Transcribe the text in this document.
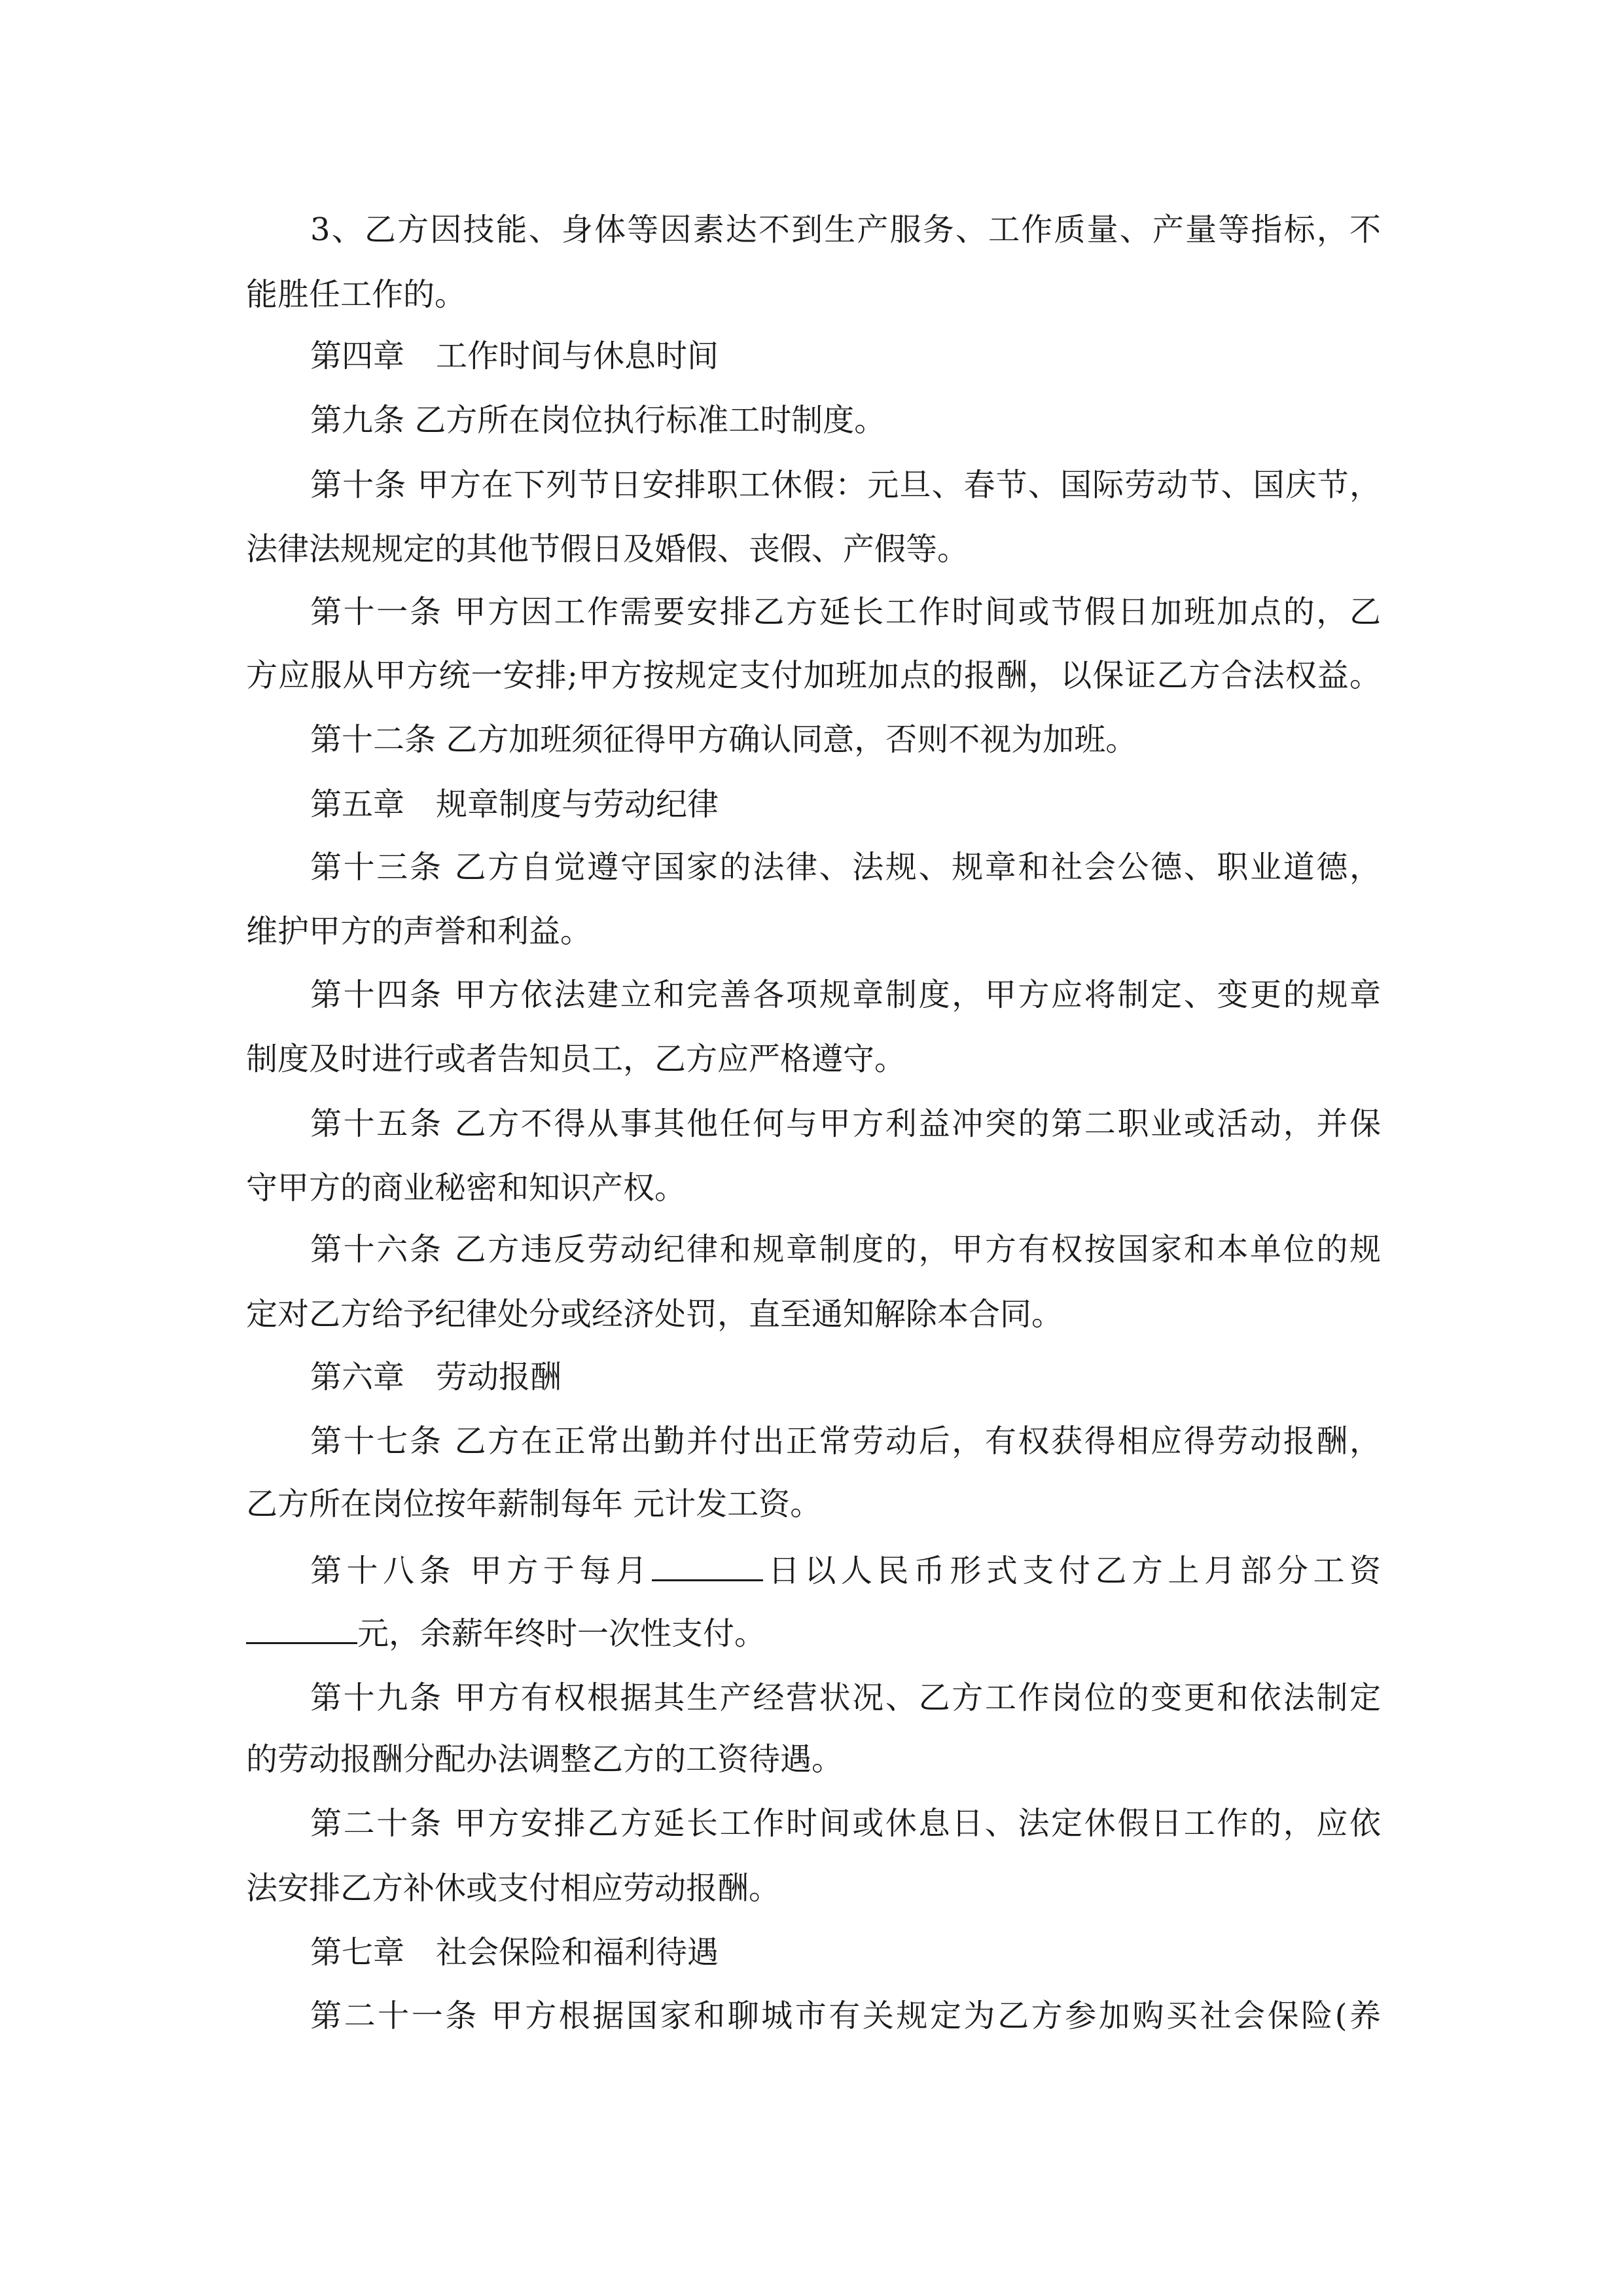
3、乙方因技能、身体等因素达不到生产服务、工作质量、产量等指标，不
能胜任工作的。
第四章　工作时间与休息时间
第九条 乙方所在岗位执行标准工时制度。
第十条 甲方在下列节日安排职工休假：元旦、春节、国际劳动节、国庆节，
法律法规规定的其他节假日及婚假、丧假、产假等。
第十一条 甲方因工作需要安排乙方延长工作时间或节假日加班加点的，乙
方应服从甲方统一安排;甲方按规定支付加班加点的报酬，以保证乙方合法权益。
第十二条 乙方加班须征得甲方确认同意，否则不视为加班。
第五章　规章制度与劳动纪律
第十三条 乙方自觉遵守国家的法律、法规、规章和社会公德、职业道德，
维护甲方的声誉和利益。
第十四条 甲方依法建立和完善各项规章制度，甲方应将制定、变更的规章
制度及时进行或者告知员工，乙方应严格遵守。
第十五条 乙方不得从事其他任何与甲方利益冲突的第二职业或活动，并保
守甲方的商业秘密和知识产权。
第十六条 乙方违反劳动纪律和规章制度的，甲方有权按国家和本单位的规
定对乙方给予纪律处分或经济处罚，直至通知解除本合同。
第六章　劳动报酬
第十七条 乙方在正常出勤并付出正常劳动后，有权获得相应得劳动报酬，
乙方所在岗位按年薪制每年 元计发工资。
第十八条 甲方于每月	日以人民币形式支付乙方上月部分工资
元，余薪年终时一次性支付。
第十九条 甲方有权根据其生产经营状况、乙方工作岗位的变更和依法制定
的劳动报酬分配办法调整乙方的工资待遇。
第二十条 甲方安排乙方延长工作时间或休息日、法定休假日工作的，应依
法安排乙方补休或支付相应劳动报酬。
第七章　社会保险和福利待遇
第二十一条 甲方根据国家和聊城市有关规定为乙方参加购买社会保险(养
